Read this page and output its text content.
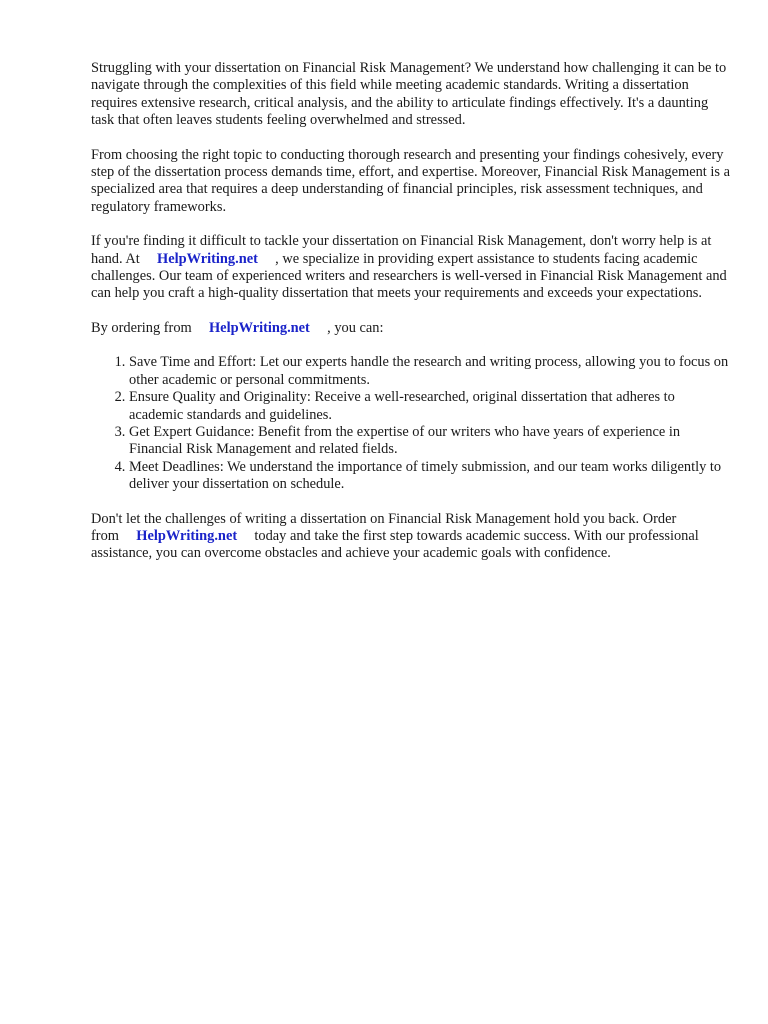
Struggling with your dissertation on Financial Risk Management? We understand how challenging it can be to navigate through the complexities of this field while meeting academic standards. Writing a dissertation requires extensive research, critical analysis, and the ability to articulate findings effectively. It's a daunting task that often leaves students feeling overwhelmed and stressed.

From choosing the right topic to conducting thorough research and presenting your findings cohesively, every step of the dissertation process demands time, effort, and expertise. Moreover, Financial Risk Management is a specialized area that requires a deep understanding of financial principles, risk assessment techniques, and regulatory frameworks.

If you're finding it difficult to tackle your dissertation on Financial Risk Management, don't worry help is at hand. At HelpWriting.net , we specialize in providing expert assistance to students facing academic challenges. Our team of experienced writers and researchers is well-versed in Financial Risk Management and can help you craft a high-quality dissertation that meets your requirements and exceeds your expectations.

By ordering from HelpWriting.net , you can:

1. Save Time and Effort: Let our experts handle the research and writing process, allowing you to focus on other academic or personal commitments.
2. Ensure Quality and Originality: Receive a well-researched, original dissertation that adheres to academic standards and guidelines.
3. Get Expert Guidance: Benefit from the expertise of our writers who have years of experience in Financial Risk Management and related fields.
4. Meet Deadlines: We understand the importance of timely submission, and our team works diligently to deliver your dissertation on schedule.

Don't let the challenges of writing a dissertation on Financial Risk Management hold you back. Order from HelpWriting.net today and take the first step towards academic success. With our professional assistance, you can overcome obstacles and achieve your academic goals with confidence.
